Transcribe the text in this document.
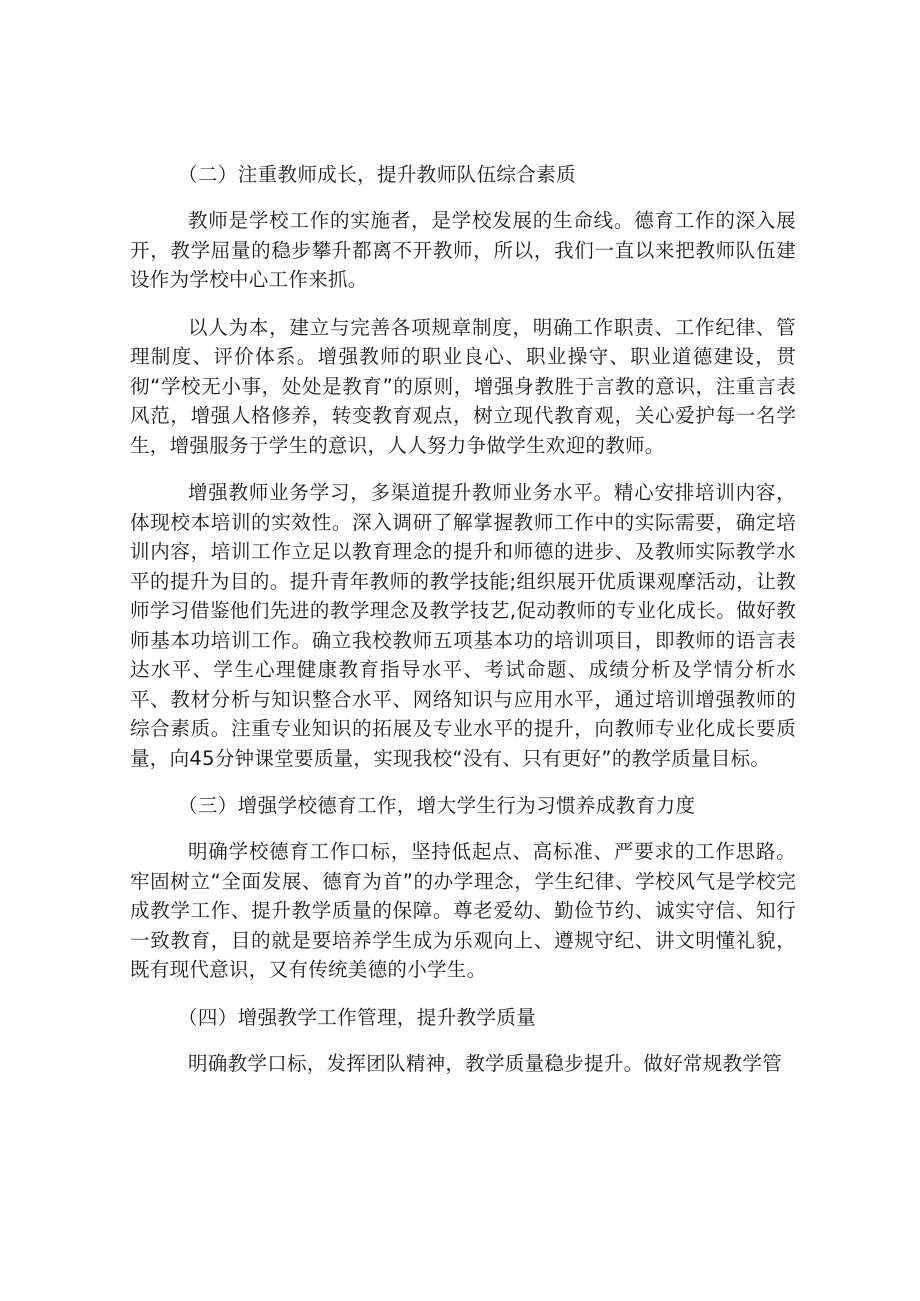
（二）注重教师成长，提升教师队伍综合素质

教师是学校工作的实施者，是学校发展的生命线。德育工作的深入展开，教学屈量的稳步攀升都离不开教师，所以，我们一直以来把教师队伍建设作为学校中心工作来抓。

以人为本，建立与完善各项规章制度，明确工作职责、工作纪律、管理制度、评价体系。增强教师的职业良心、职业操守、职业道德建设，贯彻“学校无小事，处处是教育”的原则，增强身教胜于言教的意识，注重言表风范，增强人格修养，转变教育观点，树立现代教育观，关心爱护每一名学生，增强服务于学生的意识，人人努力争做学生欢迎的教师。

增强教师业务学习，多渠道提升教师业务水平。精心安排培训内容，体现校本培训的实效性。深入调研了解掌握教师工作中的实际需要，确定培训内容，培训工作立足以教育理念的提升和师德的进步、及教师实际教学水平的提升为目的。提升青年教师的教学技能;组织展开优质课观摩活动，让教师学习借鉴他们先进的教学理念及教学技艺,促动教师的专业化成长。做好教师基本功培训工作。确立我校教师五项基本功的培训项目，即教师的语言表达水平、学生心理健康教育指导水平、考试命题、成绩分析及学情分析水平、教材分析与知识整合水平、网络知识与应用水平，通过培训增强教师的综合素质。注重专业知识的拓展及专业水平的提升，向教师专业化成长要质量，向45分钟课堂要质量，实现我校“没有、只有更好”的教学质量目标。

（三）增强学校德育工作，增大学生行为习惯养成教育力度

明确学校德育工作口标，坚持低起点、高标准、严要求的工作思路。牢固树立“全面发展、德育为首”的办学理念，学生纪律、学校风气是学校完成教学工作、提升教学质量的保障。尊老爱幼、勤俭节约、诚实守信、知行一致教育，目的就是要培养学生成为乐观向上、遵规守纪、讲文明懂礼貌，既有现代意识，又有传统美德的小学生。

（四）增强教学工作管理，提升教学质量

明确教学口标，发挥团队精神，教学质量稳步提升。做好常规教学管
